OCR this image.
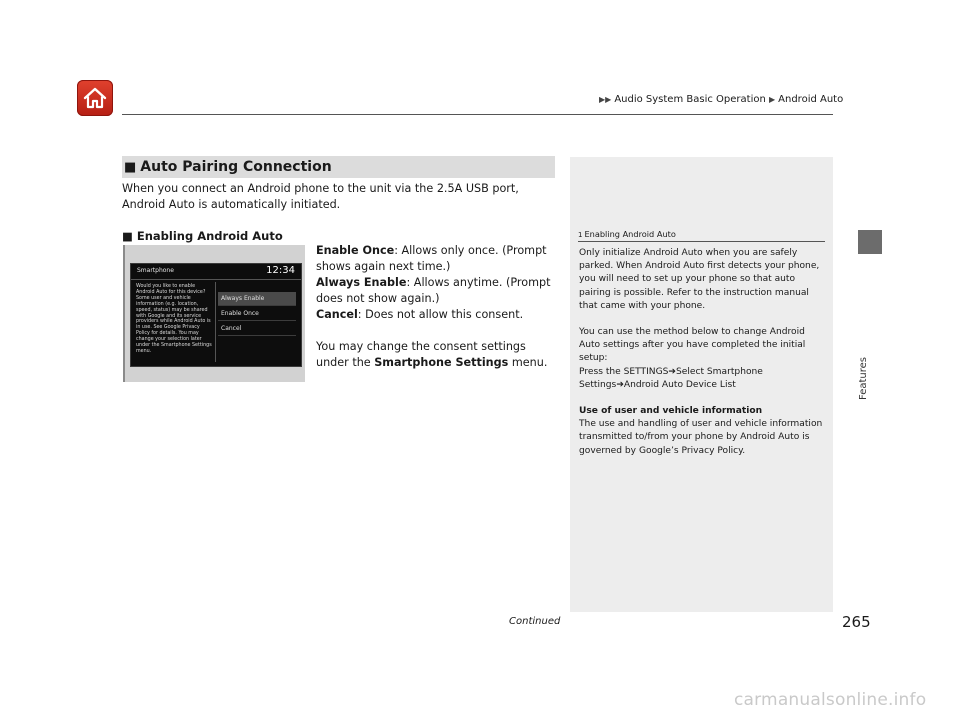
▶▶ Audio System Basic Operation ▶ Android Auto
Features
■ Auto Pairing Connection
When you connect an Android phone to the unit via the 2.5A USB port, Android Auto is automatically initiated.
■ Enabling Android Auto
Smartphone	12:34
Would you like to enable Android Auto for this device? Some user and vehicle information (e.g. location, speed, status) may be shared with Google and its service providers while Android Auto is in use. See Google Privacy Policy for details. You may change your selection later under the Smartphone Settings menu.
Always Enable
Enable Once
Cancel

Enable Once: Allows only once. (Prompt shows again next time.)

Always Enable: Allows anytime. (Prompt does not show again.)

Cancel: Does not allow this consent.

You may change the consent settings under the Smartphone Settings menu.

1 Enabling Android Auto

Only initialize Android Auto when you are safely parked. When Android Auto first detects your phone, you will need to set up your phone so that auto pairing is possible. Refer to the instruction manual that came with your phone.

You can use the method below to change Android Auto settings after you have completed the initial setup:

Press the SETTINGS➔Select Smartphone Settings➔Android Auto Device List

Use of user and vehicle information

The use and handling of user and vehicle information transmitted to/from your phone by Android Auto is governed by Google’s Privacy Policy.

Continued	265
carmanualsonline.info
